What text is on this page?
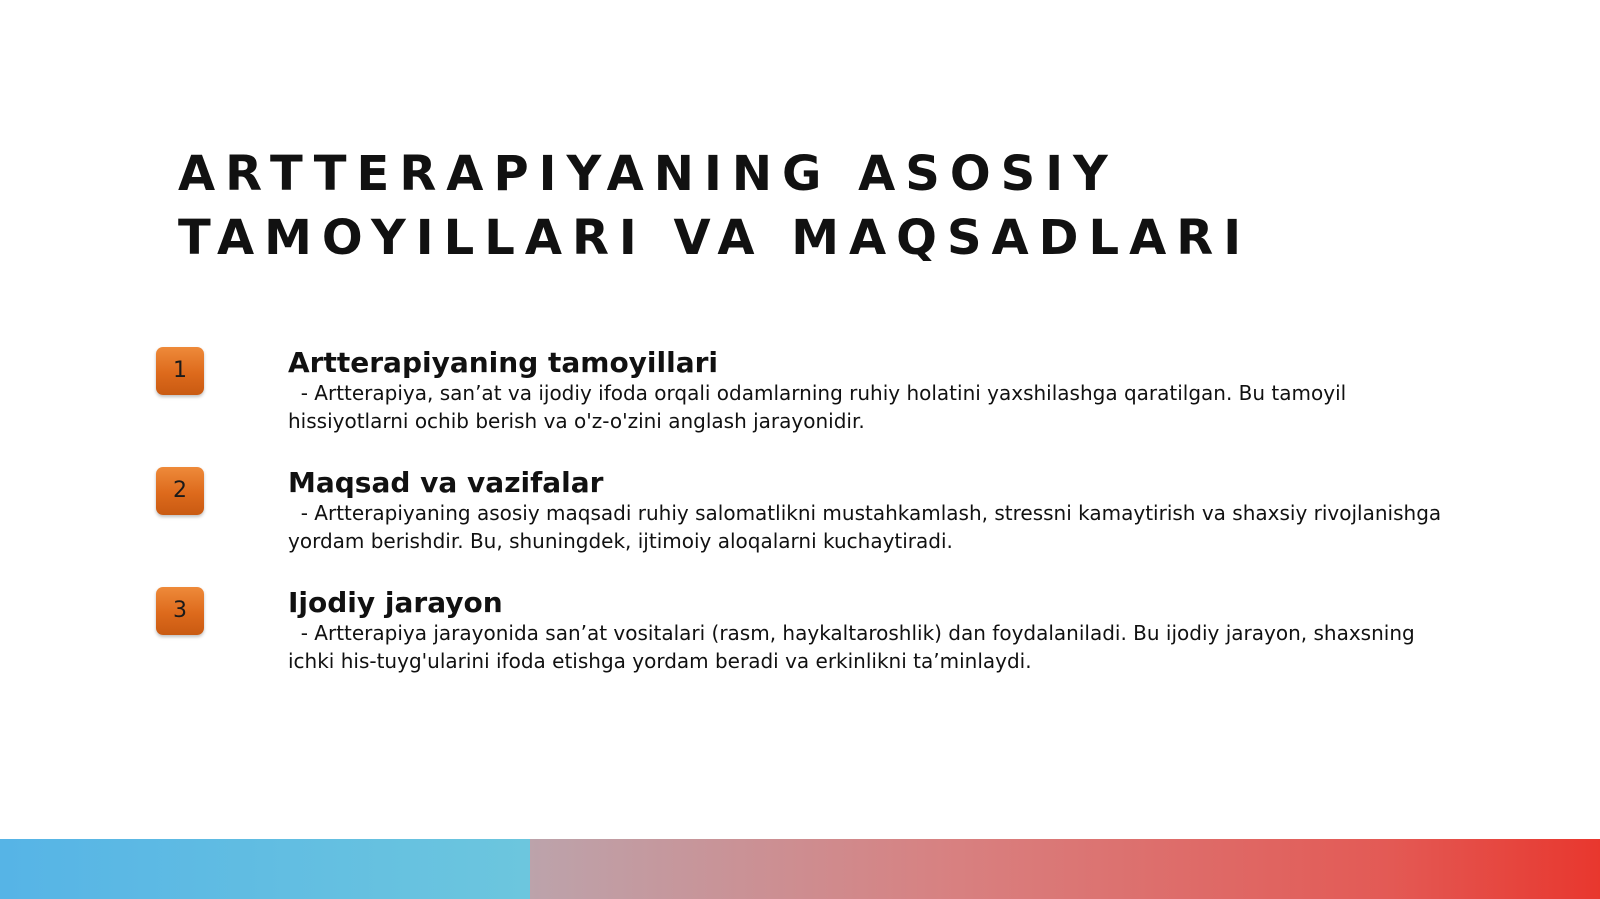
ARTTERAPIYANING ASOSIY
TAMOYILLARI VA MAQSADLARI
1	Artterapiyaning tamoyillari
- Artterapiya, san’at va ijodiy ifoda orqali odamlarning ruhiy holatini yaxshilashga qaratilgan. Bu tamoyil hissiyotlarni ochib berish va o'z-o'zini anglash jarayonidir.
2	Maqsad va vazifalar
- Artterapiyaning asosiy maqsadi ruhiy salomatlikni mustahkamlash, stressni kamaytirish va shaxsiy rivojlanishga yordam berishdir. Bu, shuningdek, ijtimoiy aloqalarni kuchaytiradi.
3	Ijodiy jarayon
- Artterapiya jarayonida san’at vositalari (rasm, haykaltaroshlik) dan foydalaniladi. Bu ijodiy jarayon, shaxsning ichki his-tuyg'ularini ifoda etishga yordam beradi va erkinlikni ta’minlaydi.
